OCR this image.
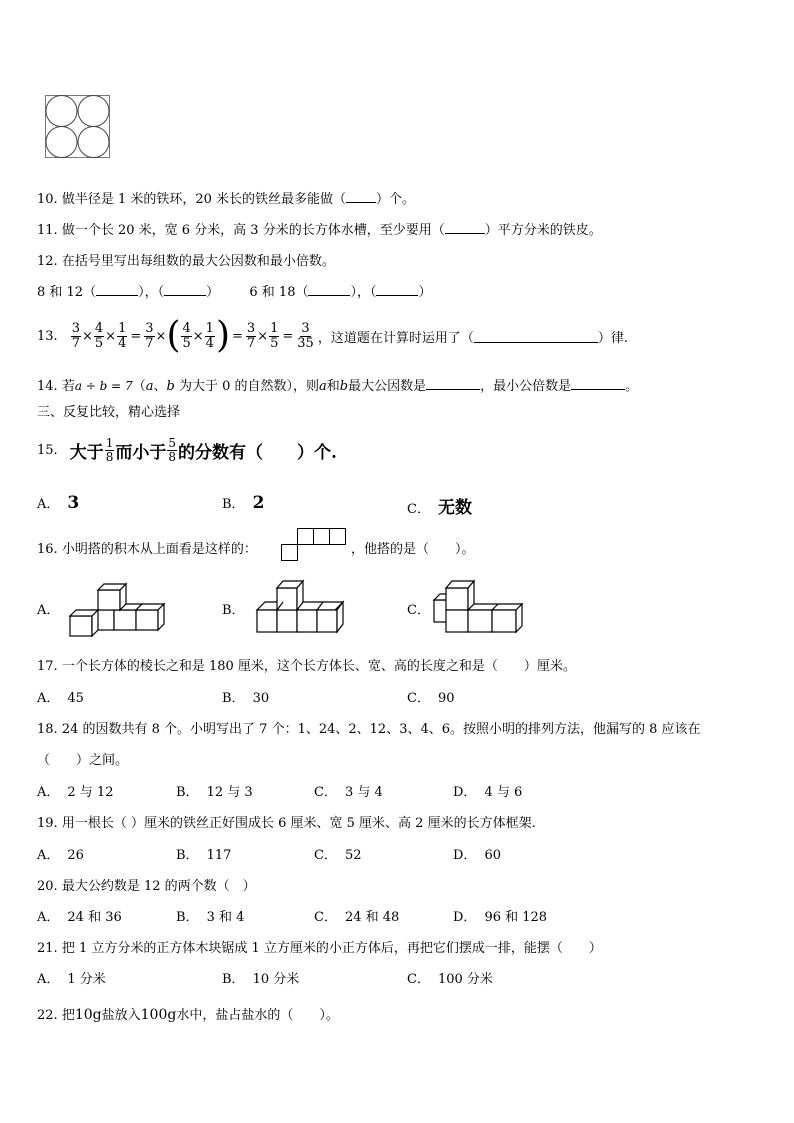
10. 做半径是 1 米的铁环，20 米长的铁丝最多能做（ ）个。
11. 做一个长 20 米，宽 6 分米，高 3 分米的长方体水槽，至少要用（	）平方分米的铁皮。
12. 在括号里写出每组数的最大公因数和最小倍数。
8 和 12（	），（	） 6 和 18（	），（	）
13. $\frac{3}{7} \times \frac{4}{5} \times \frac{1}{4} = \frac{3}{7}$ × ( $\frac{4}{5} \times \frac{1}{4}$ ) = $\frac{3}{7} \times \frac{1}{5} = \frac{3}{35}$ ，这道题在计算时运用了（	）律.
14. 若a ÷ b = 7（a、b 为大于 0 的自然数），则a和b最大公因数是	，最小公倍数是	。
三、反复比较，精心选择
15. 大于 $\frac{1}{8}$ 而小于 $\frac{5}{8}$ 的分数有（　　）个.
A． 3	B． 2	C． 无数
16. 小明搭的积木从上面看是这样的：	，他搭的是（　　）。
A．	B．	C．
17. 一个长方体的棱长之和是 180 厘米，这个长方体长、宽、高的长度之和是（　　）厘米。
A． 45	B． 30	C． 90
18. 24 的因数共有 8 个。小明写出了 7 个：1、24、2、12、3、4、6。按照小明的排列方法，他漏写的 8 应该在
（　　）之间。
A． 2 与 12	B． 12 与 3	C． 3 与 4	D． 4 与 6
19. 用一根长（ ）厘米的铁丝正好围成长 6 厘米、宽 5 厘米、高 2 厘米的长方体框架.
A． 26	B． 117	C． 52	D． 60
20. 最大公约数是 12 的两个数（　）
A． 24 和 36	B． 3 和 4	C． 24 和 48	D． 96 和 128
21. 把 1 立方分米的正方体木块锯成 1 立方厘米的小正方体后，再把它们摆成一排，能摆（　　）
A． 1 分米	B． 10 分米	C． 100 分米
22. 把10g盐放入100g水中，盐占盐水的（　　）。
